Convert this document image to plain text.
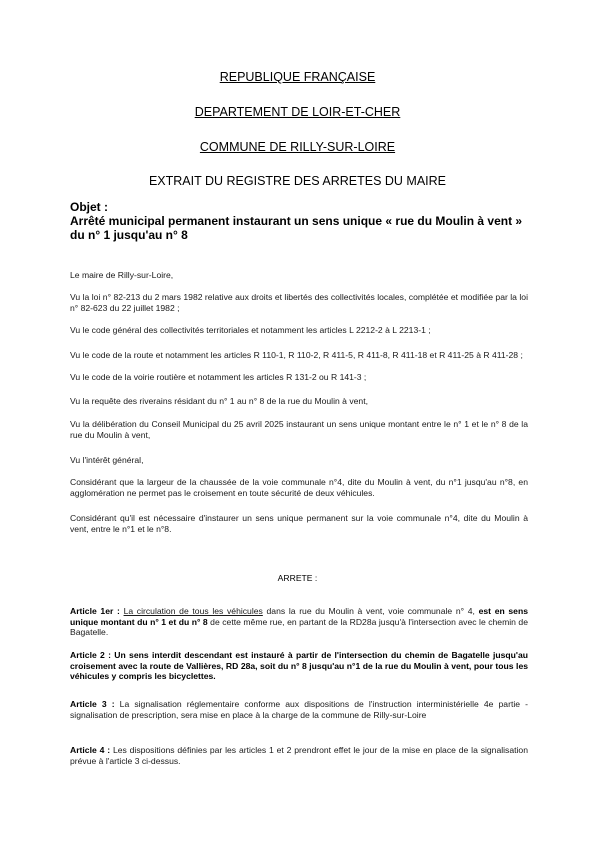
REPUBLIQUE FRANÇAISE
DEPARTEMENT DE LOIR-ET-CHER
COMMUNE DE RILLY-SUR-LOIRE
EXTRAIT DU REGISTRE DES ARRETES DU MAIRE
Objet :
Arrêté municipal permanent instaurant un sens unique « rue du Moulin à vent »
du n° 1 jusqu'au n° 8
Le maire de Rilly-sur-Loire,
Vu la loi n° 82-213 du 2 mars 1982 relative aux droits et libertés des collectivités locales, complétée et modifiée par la loi n° 82-623 du 22 juillet 1982 ;
Vu le code général des collectivités territoriales et notamment les articles L 2212-2 à L 2213-1 ;
Vu le code de la route et notamment les articles R 110-1, R 110-2, R 411-5, R 411-8, R 411-18 et R 411-25 à R 411-28 ;
Vu le code de la voirie routière et notamment les articles R 131-2 ou R 141-3 ;
Vu la requête des riverains résidant du n° 1 au n° 8 de la rue du Moulin à vent,
Vu la délibération du Conseil Municipal du 25 avril 2025 instaurant un sens unique montant entre le n° 1 et le n° 8 de la rue du Moulin à vent,
Vu l'intérêt général,
Considérant que la largeur de la chaussée de la voie communale n°4, dite du Moulin à vent, du n°1 jusqu'au n°8, en agglomération ne permet pas le croisement en toute sécurité de deux véhicules.
Considérant qu'il est nécessaire d'instaurer un sens unique permanent sur la voie communale n°4, dite du Moulin à vent, entre le n°1 et le n°8.
ARRETE :
Article 1er : La circulation de tous les véhicules dans la rue du Moulin à vent, voie communale n° 4, est en sens unique montant du n° 1 et du n° 8 de cette même rue, en partant de la RD28a jusqu'à l'intersection avec le chemin de Bagatelle.
Article 2 : Un sens interdit descendant est instauré à partir de l'intersection du chemin de Bagatelle jusqu'au croisement avec la route de Vallières, RD 28a, soit du n° 8 jusqu'au n°1 de la rue du Moulin à vent, pour tous les véhicules y compris les bicyclettes.
Article 3 : La signalisation réglementaire conforme aux dispositions de l'instruction interministérielle 4e partie - signalisation de prescription, sera mise en place à la charge de la commune de Rilly-sur-Loire
Article 4 : Les dispositions définies par les articles 1 et 2 prendront effet le jour de la mise en place de la signalisation prévue à l'article 3 ci-dessus.
